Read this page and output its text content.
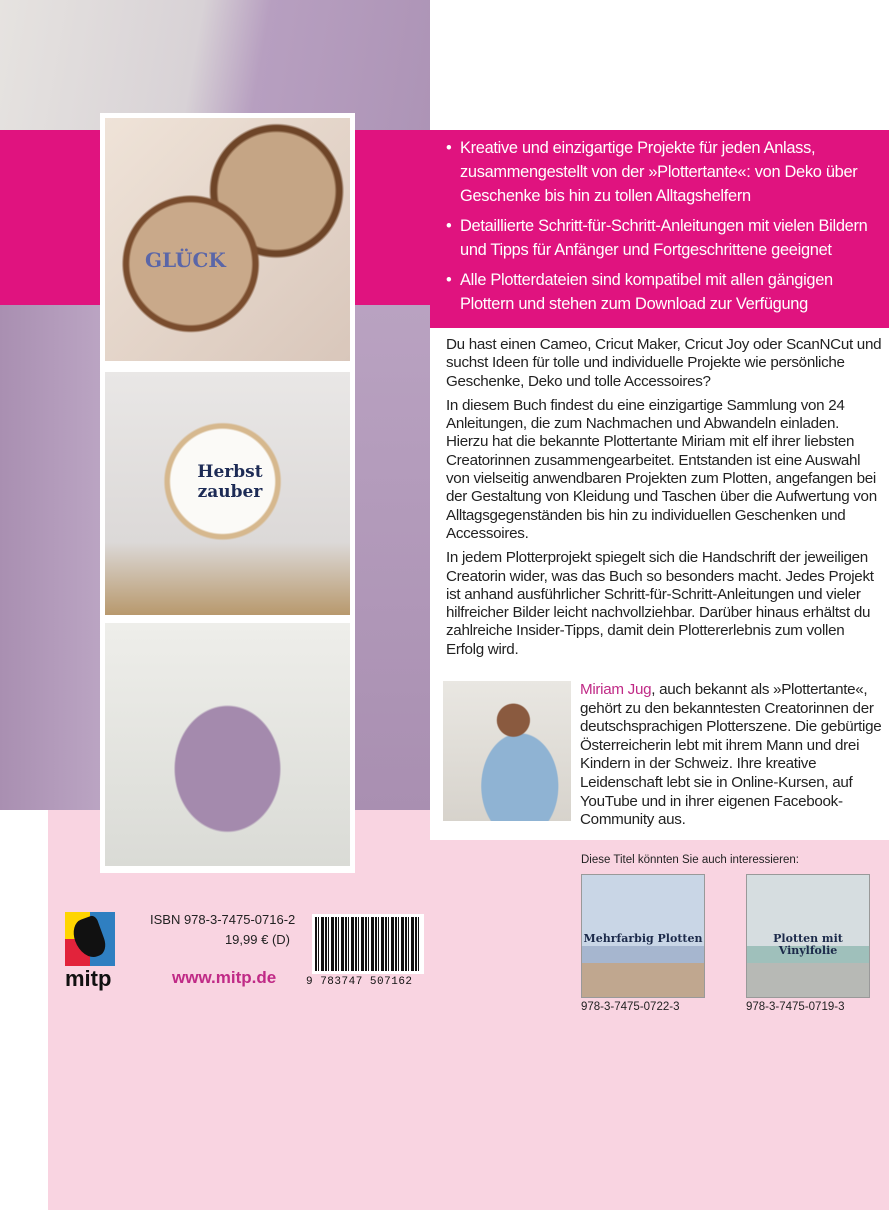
GLÜCK
Herbst zauber
• Kreative und einzigartige Projekte für jeden Anlass, zusammengestellt von der »Plottertante«: von Deko über Geschenke bis hin zu tollen Alltagshelfern
• Detaillierte Schritt-für-Schritt-Anleitungen mit vielen Bildern und Tipps für Anfänger und Fortgeschrittene geeignet
• Alle Plotterdateien sind kompatibel mit allen gängigen Plottern und stehen zum Download zur Verfügung

Du hast einen Cameo, Cricut Maker, Cricut Joy oder ScanNCut und suchst Ideen für tolle und individuelle Projekte wie persönliche Geschenke, Deko und tolle Accessoires?

In diesem Buch findest du eine einzigartige Sammlung von 24 Anleitungen, die zum Nachmachen und Abwandeln einladen. Hierzu hat die bekannte Plottertante Miriam mit elf ihrer liebsten Creatorinnen zusammengearbeitet. Entstanden ist eine Auswahl von vielseitig anwendbaren Projekten zum Plotten, angefangen bei der Gestaltung von Kleidung und Taschen über die Aufwertung von Alltagsgegenständen bis hin zu individuellen Geschenken und Accessoires.

In jedem Plotterprojekt spiegelt sich die Handschrift der jeweiligen Creatorin wider, was das Buch so besonders macht. Jedes Projekt ist anhand ausführlicher Schritt-für-Schritt-Anleitungen und vieler hilfreicher Bilder leicht nachvollziehbar. Darüber hinaus erhältst du zahlreiche Insider-Tipps, damit dein Plottererlebnis zum vollen Erfolg wird.

Miriam Jug, auch bekannt als »Plottertante«, gehört zu den bekanntesten Creatorinnen der deutschsprachigen Plotterszene. Die gebürtige Österreicherin lebt mit ihrem Mann und drei Kindern in der Schweiz. Ihre kreative Leidenschaft lebt sie in Online-Kursen, auf YouTube und in ihrer eigenen Facebook-Community aus.
Diese Titel könnten Sie auch interessieren:
Mehrfarbig Plotten
978-3-7475-0722-3
Plotten mit Vinylfolie
978-3-7475-0719-3
mitp
ISBN 978-3-7475-0716-2
19,99 € (D)
www.mitp.de	9 783747 507162
